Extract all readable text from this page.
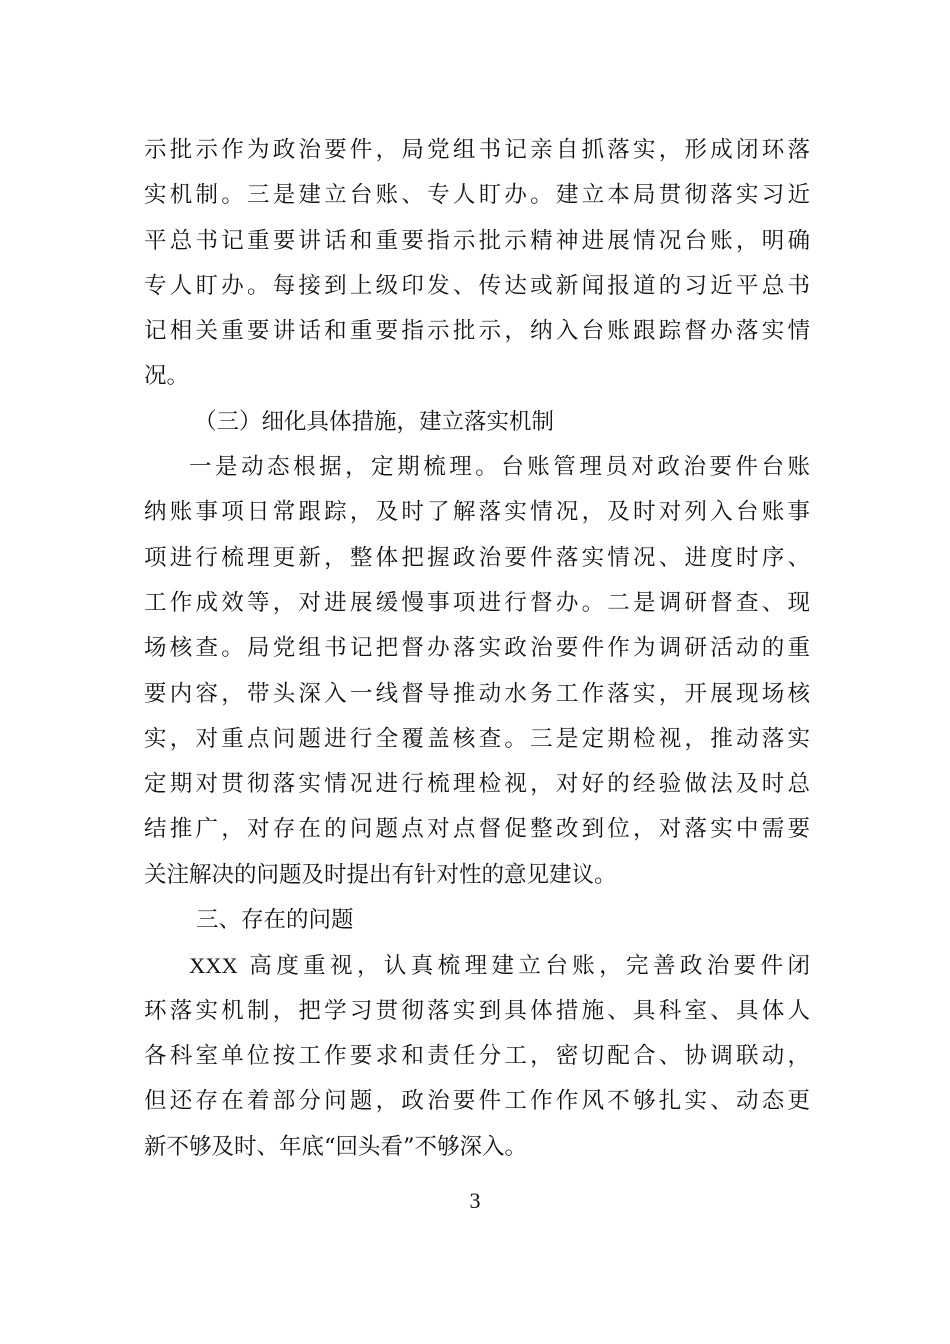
示批示作为政治要件，局党组书记亲自抓落实，形成闭环落
实机制。三是建立台账、专人盯办。建立本局贯彻落实习近
平总书记重要讲话和重要指示批示精神进展情况台账，明确
专人盯办。每接到上级印发、传达或新闻报道的习近平总书
记相关重要讲话和重要指示批示，纳入台账跟踪督办落实情
况。
（三）细化具体措施，建立落实机制
一是动态根据，定期梳理。台账管理员对政治要件台账
纳账事项日常跟踪，及时了解落实情况，及时对列入台账事
项进行梳理更新，整体把握政治要件落实情况、进度时序、
工作成效等，对进展缓慢事项进行督办。二是调研督查、现
场核查。局党组书记把督办落实政治要件作为调研活动的重
要内容，带头深入一线督导推动水务工作落实，开展现场核
实，对重点问题进行全覆盖核查。三是定期检视，推动落实
定期对贯彻落实情况进行梳理检视，对好的经验做法及时总
结推广，对存在的问题点对点督促整改到位，对落实中需要
关注解决的问题及时提出有针对性的意见建议。
三、存在的问题
XXX 高度重视，认真梳理建立台账，完善政治要件闭
环落实机制，把学习贯彻落实到具体措施、具科室、具体人
各科室单位按工作要求和责任分工，密切配合、协调联动，
但还存在着部分问题，政治要件工作作风不够扎实、动态更
新不够及时、年底“回头看”不够深入。
3
